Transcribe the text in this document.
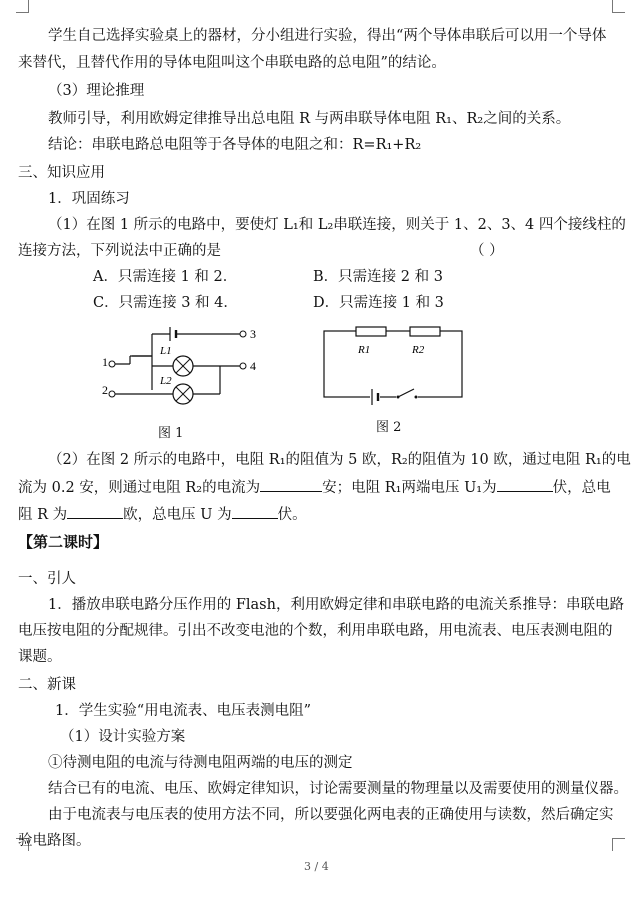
学生自己选择实验桌上的器材，分小组进行实验，得出“两个导体串联后可以用一个导体
来替代，且替代作用的导体电阻叫这个串联电路的总电阻”的结论。
（3）理论推理
教师引导，利用欧姆定律推导出总电阻 R 与两串联导体电阻 R₁、R₂之间的关系。
结论：串联电路总电阻等于各导体的电阻之和：R=R₁+R₂
三、知识应用
1．巩固练习
（1）在图 1 所示的电路中，要使灯 L₁和 L₂串联连接，则关于 1、2、3、4 四个接线柱的
连接方法，下列说法中正确的是	（ ）
A．只需连接 1 和 2．	B．只需连接 2 和 3
C．只需连接 3 和 4．	D．只需连接 1 和 3
3
4
1
2
L1
L2
图 1
R1	R2
图 2
（2）在图 2 所示的电路中，电阻 R₁的阻值为 5 欧，R₂的阻值为 10 欧，通过电阻 R₁的电
流为 0.2 安，则通过电阻 R₂的电流为	安；电阻 R₁两端电压 U₁为	伏，总电
阻 R 为	欧，总电压 U 为	伏。
【第二课时】
一、引人
1．播放串联电路分压作用的 Flash，利用欧姆定律和串联电路的电流关系推导：串联电路
电压按电阻的分配规律。引出不改变电池的个数，利用串联电路，用电流表、电压表测电阻的
课题。
二、新课
1．学生实验“用电流表、电压表测电阻”
（1）设计实验方案
①待测电阻的电流与待测电阻两端的电压的测定
结合已有的电流、电压、欧姆定律知识，讨论需要测量的物理量以及需要使用的测量仪器。
由于电流表与电压表的使用方法不同，所以要强化两电表的正确使用与读数，然后确定实
验电路图。
3 / 4
